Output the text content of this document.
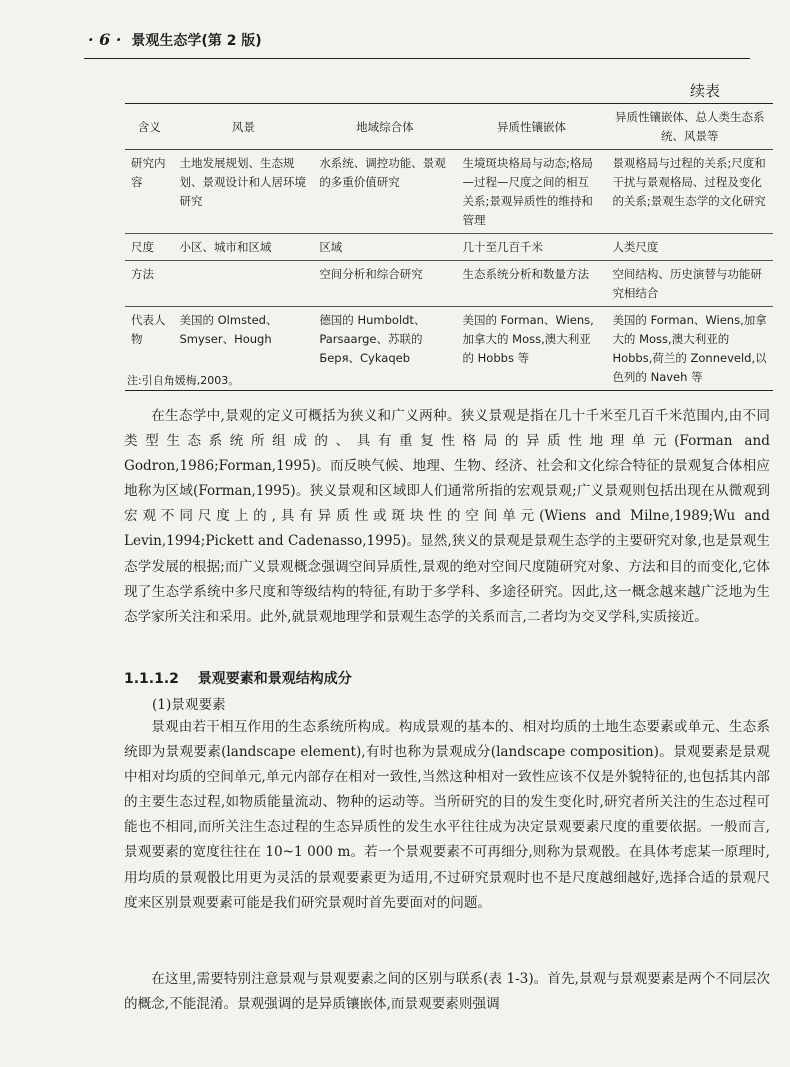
· 6 · 景观生态学(第 2 版)
续表
含义	风景	地域综合体	异质性镶嵌体	异质性镶嵌体、总人类生态系统、风景等
研究内容	土地发展规划、生态规划、景观设计和人居环境研究	水系统、调控功能、景观的多重价值研究	生境斑块格局与动态;格局—过程—尺度之间的相互关系;景观异质性的维持和管理	景观格局与过程的关系;尺度和干扰与景观格局、过程及变化的关系;景观生态学的文化研究
尺度	小区、城市和区域	区域	几十至几百千米	人类尺度
方法		空间分析和综合研究	生态系统分析和数量方法	空间结构、历史演替与功能研究相结合
代表人物	美国的 Olmsted、Smyser、Hough	德国的 Humboldt、Parsaarge、苏联的 Беря、Cykaqeb	美国的 Forman、Wiens,加拿大的 Moss,澳大利亚的 Hobbs 等	美国的 Forman、Wiens,加拿大的 Moss,澳大利亚的 Hobbs,荷兰的 Zonneveld,以色列的 Naveh 等
注:引自角媛梅,2003。

在生态学中,景观的定义可概括为狭义和广义两种。狭义景观是指在几十千米至几百千米范围内,由不同类型生态系统所组成的、具有重复性格局的异质性地理单元(Forman and Godron,1986;Forman,1995)。而反映气候、地理、生物、经济、社会和文化综合特征的景观复合体相应地称为区域(Forman,1995)。狭义景观和区域即人们通常所指的宏观景观;广义景观则包括出现在从微观到宏观不同尺度上的,具有异质性或斑块性的空间单元(Wiens and Milne,1989;Wu and Levin,1994;Pickett and Cadenasso,1995)。显然,狭义的景观是景观生态学的主要研究对象,也是景观生态学发展的根据;而广义景观概念强调空间异质性,景观的绝对空间尺度随研究对象、方法和目的而变化,它体现了生态学系统中多尺度和等级结构的特征,有助于多学科、多途径研究。因此,这一概念越来越广泛地为生态学家所关注和采用。此外,就景观地理学和景观生态学的关系而言,二者均为交叉学科,实质接近。

1.1.1.2 景观要素和景观结构成分
(1)景观要素

景观由若干相互作用的生态系统所构成。构成景观的基本的、相对均质的土地生态要素或单元、生态系统即为景观要素(landscape element),有时也称为景观成分(landscape composition)。景观要素是景观中相对均质的空间单元,单元内部存在相对一致性,当然这种相对一致性应该不仅是外貌特征的,也包括其内部的主要生态过程,如物质能量流动、物种的运动等。当所研究的目的发生变化时,研究者所关注的生态过程可能也不相同,而所关注生态过程的生态异质性的发生水平往往成为决定景观要素尺度的重要依据。一般而言,景观要素的宽度往往在 10~1 000 m。若一个景观要素不可再细分,则称为景观骰。在具体考虑某一原理时,用均质的景观骰比用更为灵活的景观要素更为适用,不过研究景观时也不是尺度越细越好,选择合适的景观尺度来区别景观要素可能是我们研究景观时首先要面对的问题。

在这里,需要特别注意景观与景观要素之间的区别与联系(表 1-3)。首先,景观与景观要素是两个不同层次的概念,不能混淆。景观强调的是异质镶嵌体,而景观要素则强调
